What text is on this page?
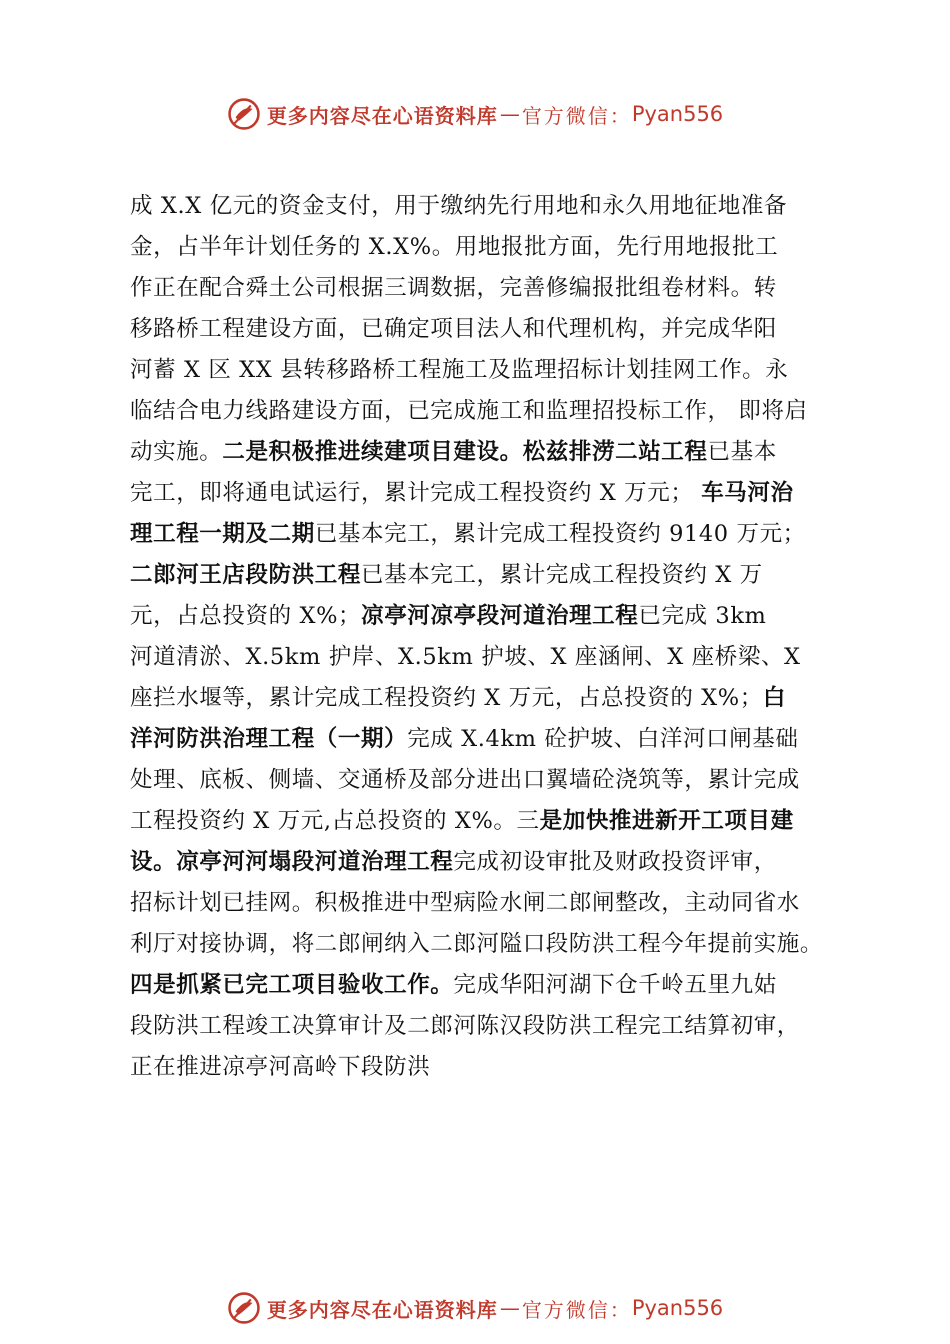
更多内容尽在心语资料库 — 官方微信： Pyan556
成 X.X 亿元的资金支付，用于缴纳先行用地和永久用地征地准备
金，占半年计划任务的 X.X%。用地报批方面，先行用地报批工
作正在配合舜土公司根据三调数据，完善修编报批组卷材料。转
移路桥工程建设方面，已确定项目法人和代理机构，并完成华阳
河蓄 X 区 XX 县转移路桥工程施工及监理招标计划挂网工作。永
临结合电力线路建设方面，已完成施工和监理招投标工作， 即将启
动实施。二是积极推进续建项目建设。松兹排涝二站工程已基本
完工，即将通电试运行，累计完成工程投资约 X 万元； 车马河治
理工程一期及二期已基本完工，累计完成工程投资约 9140 万元；
二郎河王店段防洪工程已基本完工，累计完成工程投资约 X 万
元，占总投资的 X%；凉亭河凉亭段河道治理工程已完成 3km
河道清淤、X.5km 护岸、X.5km 护坡、X 座涵闸、X 座桥梁、X
座拦水堰等，累计完成工程投资约 X 万元，占总投资的 X%；白
洋河防洪治理工程（一期）完成 X.4km 砼护坡、白洋河口闸基础
处理、底板、侧墙、交通桥及部分进出口翼墙砼浇筑等，累计完成
工程投资约 X 万元,占总投资的 X%。三是加快推进新开工项目建
设。凉亭河河塌段河道治理工程完成初设审批及财政投资评审，
招标计划已挂网。积极推进中型病险水闸二郎闸整改，主动同省水
利厅对接协调，将二郎闸纳入二郎河隘口段防洪工程今年提前实施。
四是抓紧已完工项目验收工作。完成华阳河湖下仓千岭五里九姑
段防洪工程竣工决算审计及二郎河陈汉段防洪工程完工结算初审，
正在推进凉亭河高岭下段防洪
更多内容尽在心语资料库 — 官方微信： Pyan556
